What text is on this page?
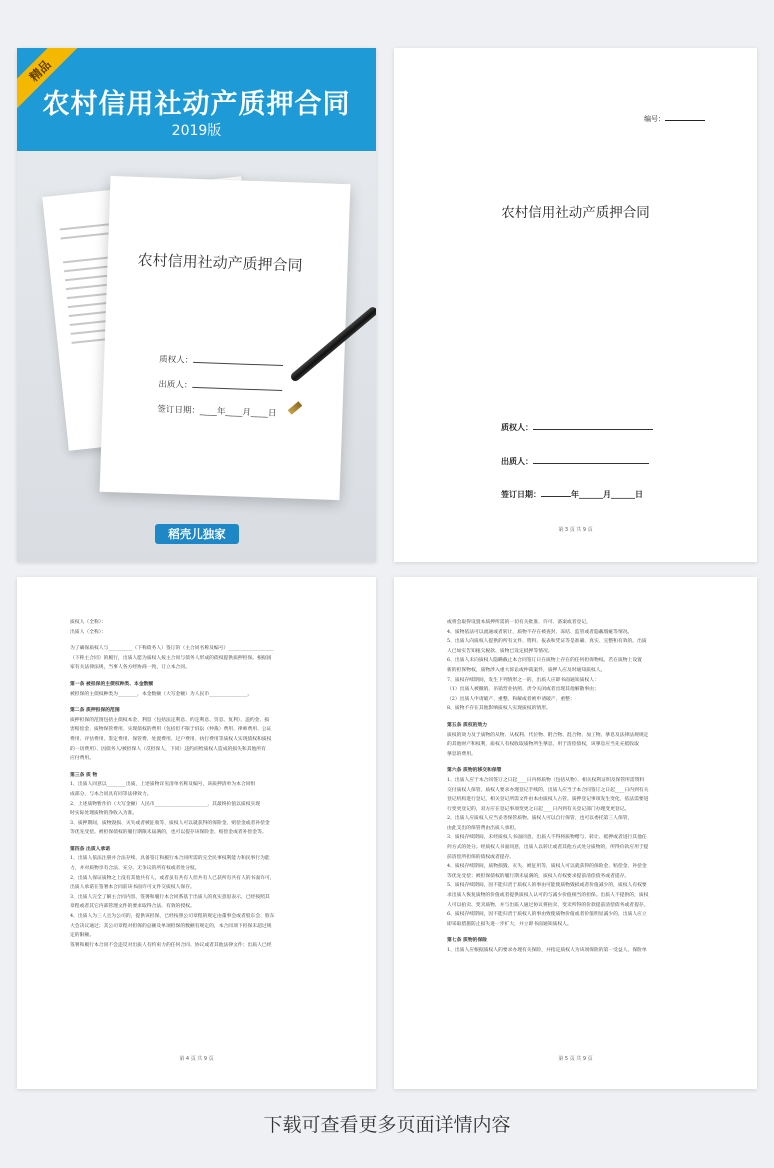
精品
农村信用社动产质押合同
2019版
农村信用社动产质押合同
质权人：
出质人：
签订日期：____年____月____日
稻壳儿独家
编号：
农村信用社动产质押合同
质权人：
出质人：
签订日期：	年______月______日
第 3 页 共 9 页

质权人（全称）：

出质人（全称）：

为了确保质权人与__________（下称债务人）签订的（主合同名称及编号）___________________

（下称主合同）的履行，出质人愿为质权人按主合同与债务人形成的债权提供质押担保。根据国

家有关法律法规，当事人各方经协商一致，订立本合同。

第一条 被担保的主债权种类、本金数额

被担保的主债权种类为________，本金数额（大写金额）为人民币________________。

第二条 质押担保的范围

质押担保的范围包括主债权本金、利息（包括法定利息、约定利息、罚息、复利）、违约金、损

害赔偿金、质物保管费用、实现债权的费用（包括但不限于诉讼（仲裁）费用、律师费用、公证

费用、评估费用、鉴定费用、保管费、处置费用、过户费用、执行费用等质权人实现债权和质权

的一切费用）、因债务人/被担保人（反担保人，下同）违约而给质权人造成的损失和其他所有

应付费用。

第三条 质 物

1、出质人同意以________出质，上述质物详见清单名称及编号，该质押清单为本合同组

成部分，与本合同具有同等法律效力。

2、上述质物暂作价（大写金额）人民币______________________，其最终价值以质权实现

时实际处理质物的净收入为准。

3、质押期间，质物毁损、灭失或者被征收等，质权人可以就获得的保险金、赔偿金或者补偿金

等优先受偿。被担保债权的履行期限未届满的，也可以提存该保险金、赔偿金或者补偿金等。

第四条 出质人承诺

1、出质人依法注册并合法存续，具备签订和履行本合同所需的完全民事权利能力和民事行为能

力，并对质物享有合法、充分、无争议的所有权或者处分权。

2、出质人保证质物之上没有其他共有人，或者虽有共有人但共有人已获所有共有人的书面许可，

出质人承诺在签署本合同前该书面许可文件交质权人保存。

3、出质人完全了解主合同内容，签署和履行本合同系基于出质人的真实意思表示，已经按照其

章程或者其它内部管理文件的要求取得合法、有效的授权。

4、出质人为三人且为公司的，提供该担保，已经按照公司章程的规定由董事会或者股东会、股东

大会决议通过；其公司章程对担保的总额及单项担保的数额有规定的，本合同项下担保未超过规

定的限额。

签署和履行本合同不会违反对出质人有约束力的任何合同、协议或者其他法律文件；出质人已经

第 4 页 共 9 页

或将会取得设置本质押所需的一切有关批准、许可、备案或者登记。

4、质物依法可以流通或者转让，质物不存在被查封、冻结、监管或者隐蔽瑕疵等情况。

5、出质人向质权人提供的所有文件、资料、报表和凭证等是准确、真实、完整和有效的。出质

人已如实告知拖欠税款、质物已设定抵押等情况。

6、出质人未向质权人隐瞒截止本合同签订日在质物上存在的任何担保物权。若在质物上设置

新的担保物权，质物涉入重大诉讼或仲裁案件，质押人应及时通知质权人。

7、质权存续期间，发生下列情形之一的，出质人应即书面通知质权人：

（1）出质人被撤销、吊销营业执照、责令关闭或者出现其他解散事由；

（2）出质人申请破产、重整、和解或者被申请破产、重整；

8、质物不存在其他影响质权人实现质权的情形。

第五条 质权的效力

质权的效力及于质物的从物、从权利、代位物、附合物、混合物、加工物。孳息及法律法规规定

的其他财产和权利，质权人有权收取质物所生孳息，用于清偿债权，该孳息应当先充抵收取

孳息的费用。

第六条 质物的移交和保管

1、出质人应于本合同签订之日起____日内将质物（包括从物）、相关权利证明及保管所需资料

交付质权人保管。质权人要求办理登记手续的，出质人应当于本合同签订之日起____日内到有关

登记机构进行登记，相关登记所需文件由本由质权人占管。质押登记事项发生变化，依法需要进

行变更登记的，双方应在登记事项变更之日起____日内到有关登记部门办理变更登记。

2、出质人应质权人应当妥善保管质物。质权人可以自行保管，也可以委托第三人保管，

由此支出的保管费由出质人承担。

3、质权存续期间，未经质权人书面同意，出质人不得将质物赠与、转让、抵押或者进行其他任

何方式的处分。经质权人书面同意，出质人以转让或者其他方式处分质物的，所得价款应用于提

前清偿所担保的债权或者提存。

4、质权存续期间，质物损毁、灭失、被征用等，质权人可以就获得的保险金、赔偿金、补偿金

等优先受偿；被担保债权的履行期未届满的，质权人有权要求提前清偿债务或者提存。

5、质权存续期间，因不能归责于质权人的事由可能使质物毁损或者价值减少的，质权人有权要

求出质人恢复质物的价值或者提供质权人认可的与减少价值相当的担保。出质人不提供的，质权

人可以拍卖、变卖质物，并与出质人通过协议将拍卖、变卖所得的价款提前清偿债务或者提存。

6、质权存续期间，因不能归责于质权人的事由致使质物价值或者价值明显减少的，出质人应立

即采取措施防止损失进一步扩大，并立即书面通知质权人。

第七条 质物的保险

1、出质人应根据质权人的要求办理有关保险，并指定质权人为该项保险的第一受益人，保险单

第 5 页 共 9 页
下载可查看更多页面详情内容
